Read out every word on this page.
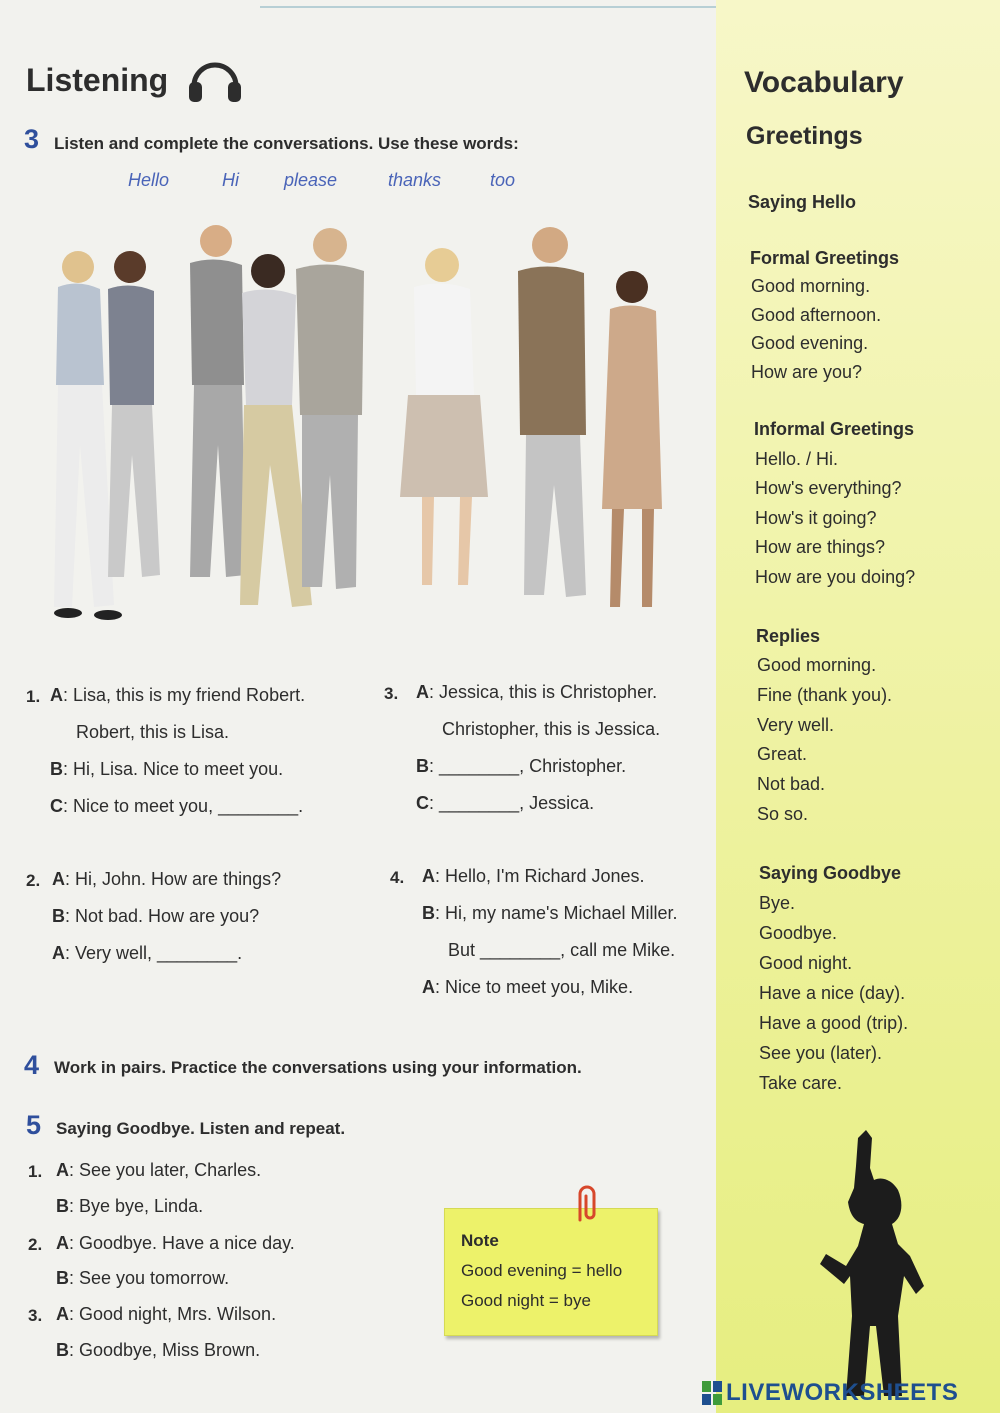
Listening
3 Listen and complete the conversations. Use these words:
Hello	Hi	please	thanks	too
1. A: Lisa, this is my friend Robert.
Robert, this is Lisa.
B: Hi, Lisa. Nice to meet you.
C: Nice to meet you, ________.
2. A: Hi, John. How are things?
B: Not bad. How are you?
A: Very well, ________.
3. A: Jessica, this is Christopher.
Christopher, this is Jessica.
B: ________, Christopher.
C: ________, Jessica.
4. A: Hello, I'm Richard Jones.
B: Hi, my name's Michael Miller.
But ________, call me Mike.
A: Nice to meet you, Mike.
4 Work in pairs. Practice the conversations using your information.
5 Saying Goodbye. Listen and repeat.
1. A: See you later, Charles.
B: Bye bye, Linda.
2. A: Goodbye. Have a nice day.
B: See you tomorrow.
3. A: Good night, Mrs. Wilson.
B: Goodbye, Miss Brown.
Note
Good evening = hello
Good night = bye
Vocabulary
Greetings
Saying Hello
Formal Greetings
Good morning.
Good afternoon.
Good evening.
How are you?
Informal Greetings
Hello. / Hi.
How's everything?
How's it going?
How are things?
How are you doing?
Replies
Good morning.
Fine (thank you).
Very well.
Great.
Not bad.
So so.
Saying Goodbye
Bye.
Goodbye.
Good night.
Have a nice (day).
Have a good (trip).
See you (later).
Take care.
LIVEWORKSHEETS
